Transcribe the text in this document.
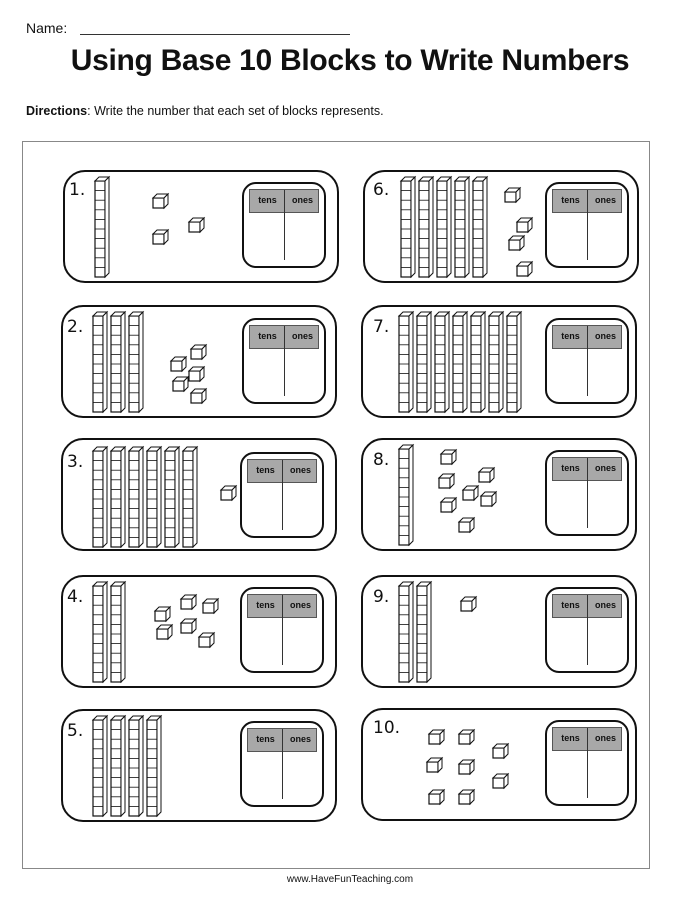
Name:
Using Base 10 Blocks to Write Numbers
Directions: Write the number that each set of blocks represents.
1.	tens	ones	6.	tens	ones
2.	tens	ones	7.	tens	ones
3.	tens	ones	8.	tens	ones
4.	tens	ones	9.	tens	ones
5.	tens	ones
10.	tens	ones
www.HaveFunTeaching.com
